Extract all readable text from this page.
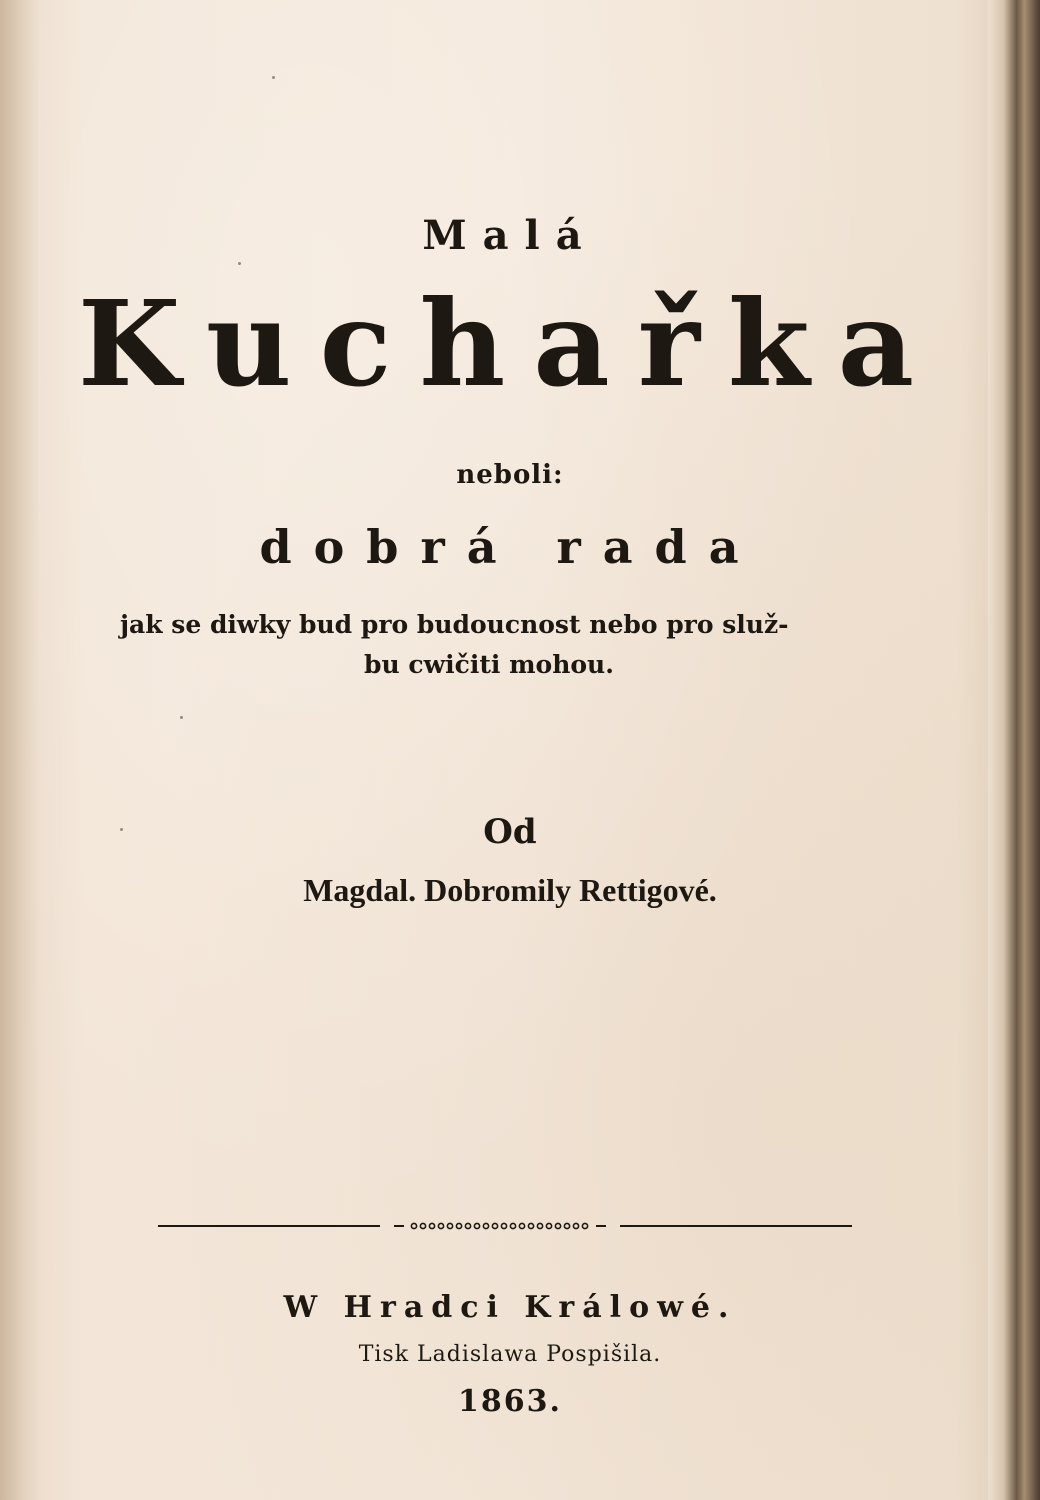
Malá
Kuchařka
neboli:
dobrá rada
jak se diwky bud pro budoucnost nebo pro služ-
bu cwičiti mohou.
Od
Magdal. Dobromily Rettigové.
W Hradci Králowé.
Tisk Ladislawa Pospišila.
1863.
